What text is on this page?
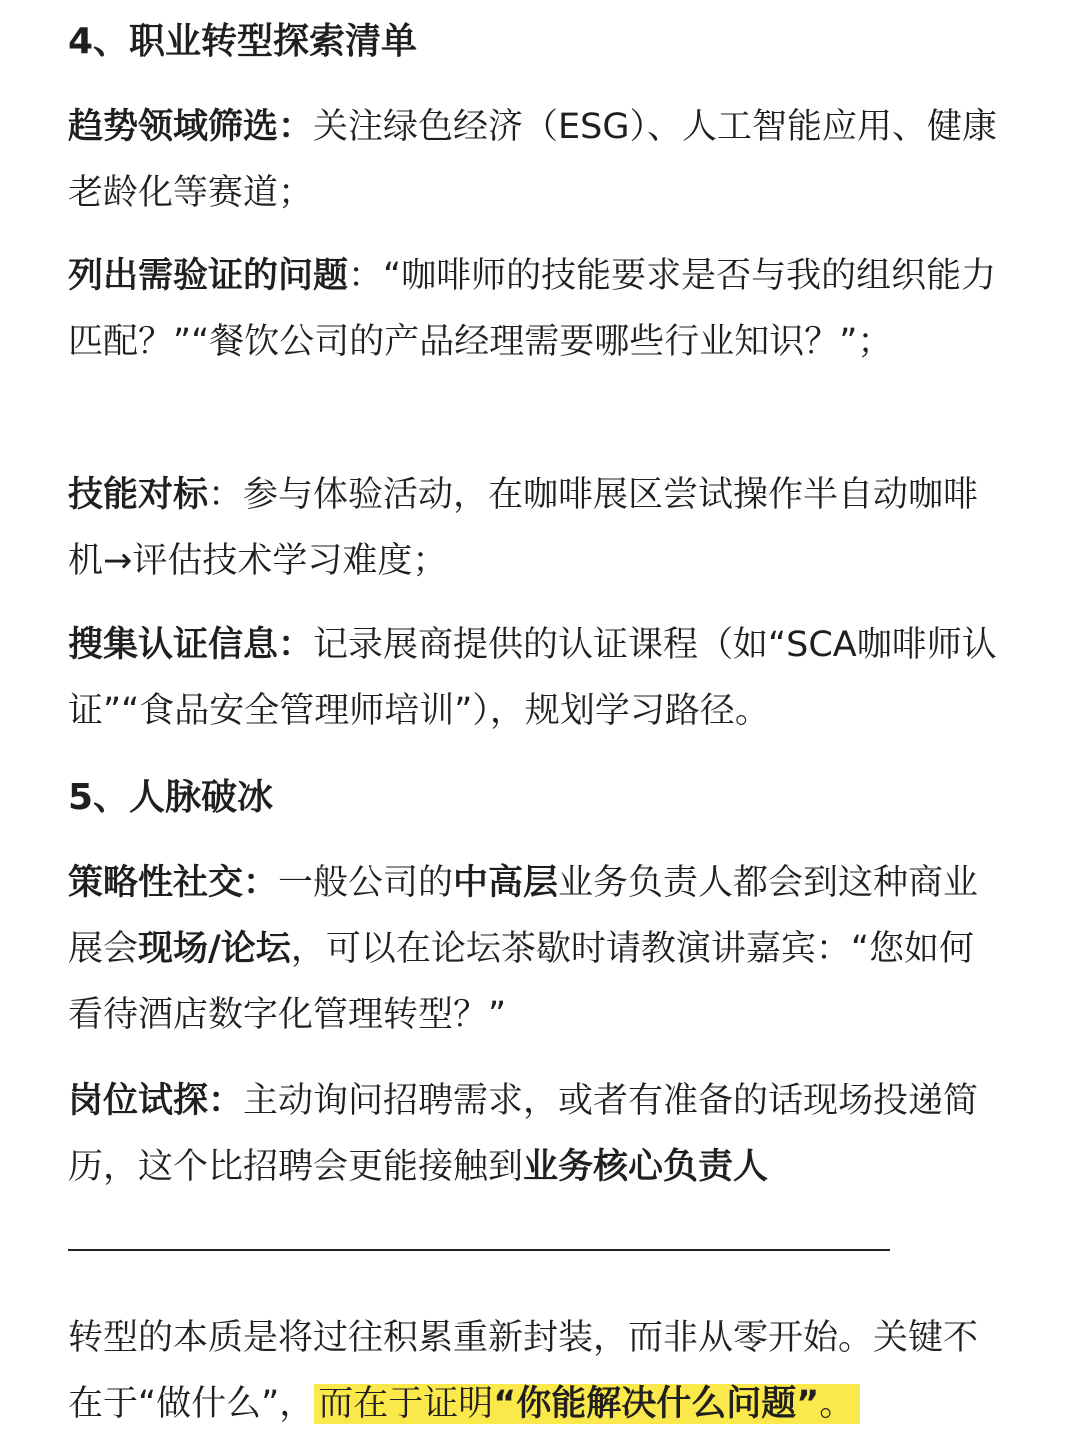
4、职业转型探索清单

趋势领域筛选：关注绿色经济（ESG）、人工智能应用、健康老龄化等赛道；

列出需验证的问题：“咖啡师的技能要求是否与我的组织能力匹配？”“餐饮公司的产品经理需要哪些行业知识？”；

技能对标：参与体验活动，在咖啡展区尝试操作半自动咖啡机→评估技术学习难度；

搜集认证信息：记录展商提供的认证课程（如“SCA咖啡师认证”“食品安全管理师培训”），规划学习路径。

5、人脉破冰

策略性社交：一般公司的中高层业务负责人都会到这种商业展会现场/论坛，可以在论坛茶歇时请教演讲嘉宾：“您如何看待酒店数字化管理转型？”

岗位试探：主动询问招聘需求，或者有准备的话现场投递简历，这个比招聘会更能接触到业务核心负责人

转型的本质是将过往积累重新封装，而非从零开始。关键不在于“做什么”， 而在于证明“你能解决什么问题”。
